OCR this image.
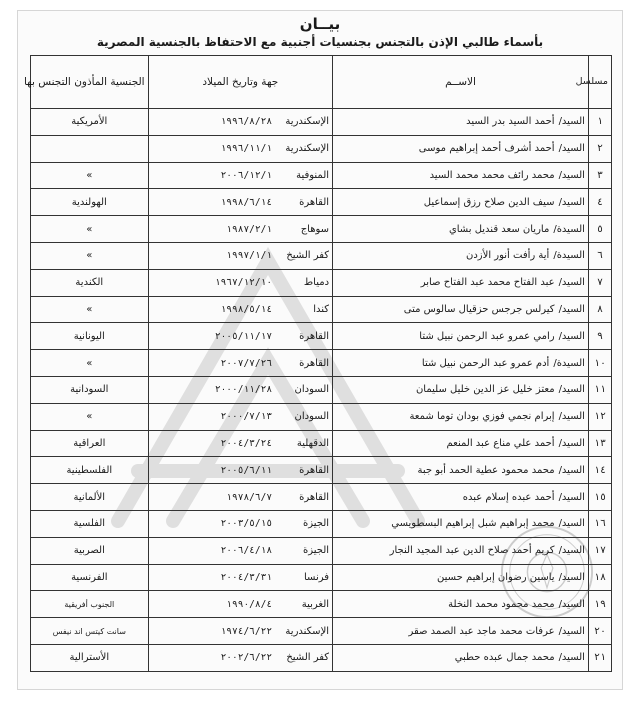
بيــان
بأسماء طالبي الإذن بالتجنس بجنسيات أجنبية مع الاحتفاظ بالجنسية المصرية
مسلسل	الاســم	جهة وتاريخ الميلاد	الجنسية المأذون التجنس بها
١	السيد/أحمد السيد بدر السيد	الإسكندرية١٩٩٦/٨/٢٨	الأمريكية
٢	السيد/أحمد أشرف أحمد إبراهيم موسى	الإسكندرية١٩٩٦/١١/١	
٣	السيد/محمد رائف محمد محمد السيد	المنوفية٢٠٠٦/١٢/١	»
٤	السيد/سيف الدين صلاح رزق إسماعيل	القاهرة١٩٩٨/٦/١٤	الهولندية
٥	السيدة/ماريان سعد قنديل بشاي	سوهاج١٩٨٧/٢/١	»
٦	السيدة/أية رأفت أنور الأزدن	كفر الشيخ١٩٩٧/١/١	»
٧	السيد/عبد الفتاح محمد عبد الفتاح صابر	دمياط١٩٦٧/١٢/١٠	الكندية
٨	السيد/كيرلس جرجس حزقيال سالوس متى	كندا١٩٩٨/٥/١٤	»
٩	السيد/رامي عمرو عبد الرحمن نبيل شتا	القاهرة٢٠٠٥/١١/١٧	اليونانية
١٠	السيدة/أدم عمرو عبد الرحمن نبيل شتا	القاهرة٢٠٠٧/٧/٢٦	»
١١	السيد/معتز خليل عز الدين خليل سليمان	السودان٢٠٠٠/١١/٢٨	السودانية
١٢	السيد/إبرام نجمي فوزي بودان توما شمعة	السودان٢٠٠٠/٧/١٣	»
١٣	السيد/أحمد علي مناع عبد المنعم	الدقهلية٢٠٠٤/٣/٢٤	العراقية
١٤	السيد/محمد محمود عطية الحمد أبو جبة	القاهرة٢٠٠٥/٦/١١	الفلسطينية
١٥	السيد/أحمد عبده إسلام عبده	القاهرة١٩٧٨/٦/٧	الألمانية
١٦	السيد/محمد إبراهيم شبل إبراهيم البسطويسي	الجيزة٢٠٠٣/٥/١٥	الفلسية
١٧	السيد/كريم أحمد صلاح الدين عبد المجيد النجار	الجيزة٢٠٠٦/٤/١٨	الصربية
١٨	السيد/ياسين رضوان إبراهيم حسين	فرنسا٢٠٠٤/٣/٣١	الفرنسية
١٩	السيد/محمد محمود محمد النخلة	الغربية١٩٩٠/٨/٤	الجنوب أفريقية
٢٠	السيد/عرفات محمد ماجد عبد الصمد صقر	الإسكندرية١٩٧٤/٦/٢٢	سانت كيتس اند نيفس
٢١	السيد/محمد جمال عبده حطبي	كفر الشيخ٢٠٠٢/٦/٢٢	الأسترالية
